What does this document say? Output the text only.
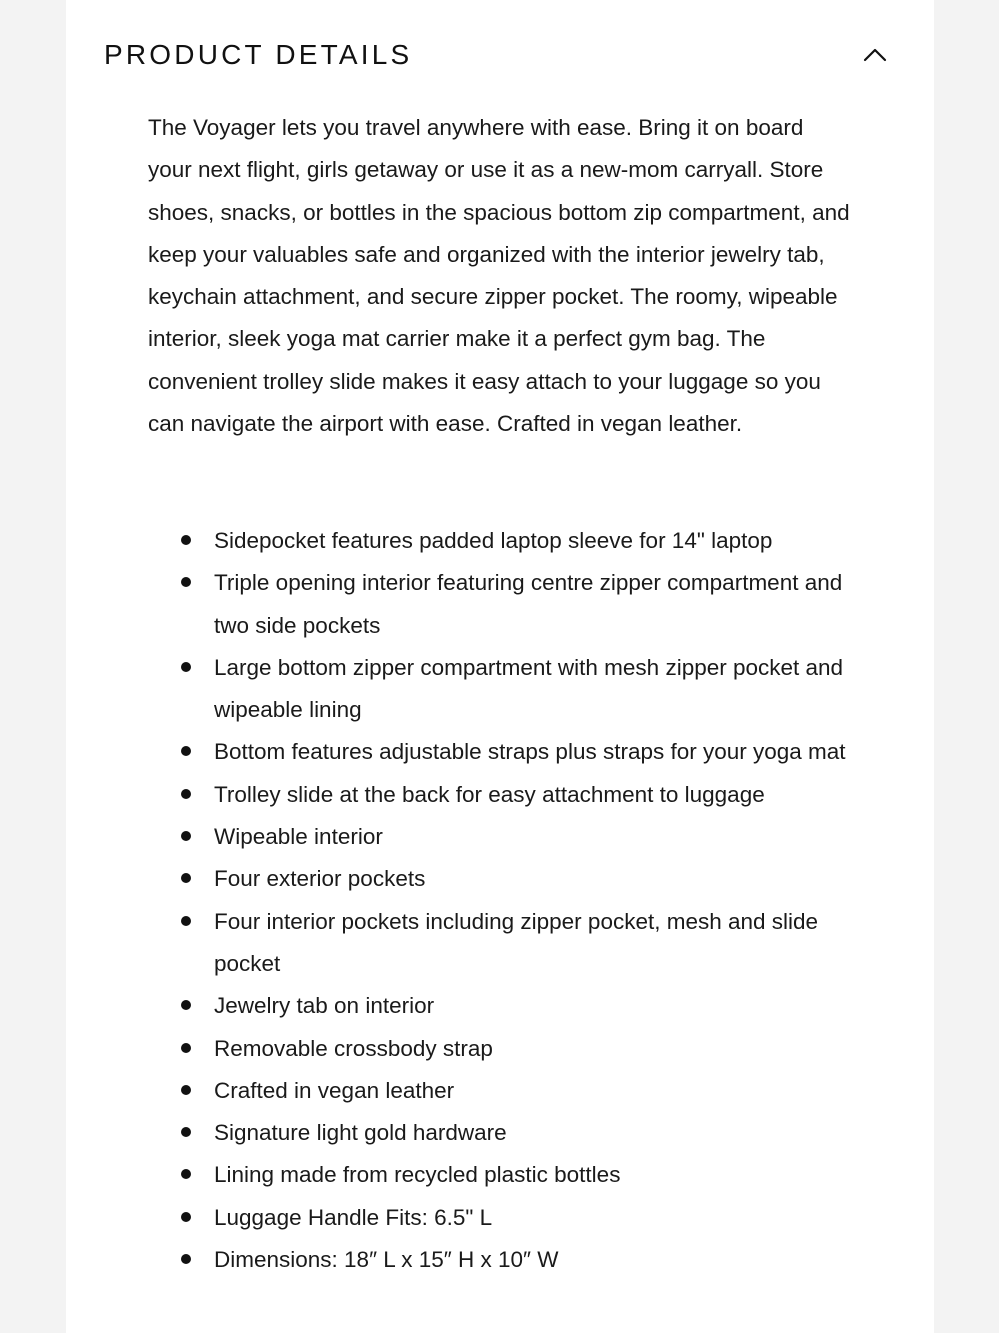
PRODUCT DETAILS

The Voyager lets you travel anywhere with ease. Bring it on board your next flight, girls getaway or use it as a new-mom carryall. Store shoes, snacks, or bottles in the spacious bottom zip compartment, and keep your valuables safe and organized with the interior jewelry tab, keychain attachment, and secure zipper pocket. The roomy, wipeable interior, sleek yoga mat carrier make it a perfect gym bag. The convenient trolley slide makes it easy attach to your luggage so you can navigate the airport with ease. Crafted in vegan leather.

Sidepocket features padded laptop sleeve for 14" laptop
Triple opening interior featuring centre zipper compartment and two side pockets
Large bottom zipper compartment with mesh zipper pocket and wipeable lining
Bottom features adjustable straps plus straps for your yoga mat
Trolley slide at the back for easy attachment to luggage
Wipeable interior
Four exterior pockets
Four interior pockets including zipper pocket, mesh and slide pocket
Jewelry tab on interior
Removable crossbody strap
Crafted in vegan leather
Signature light gold hardware
Lining made from recycled plastic bottles
Luggage Handle Fits: 6.5" L
Dimensions: 18″ L x 15″ H x 10″ W
